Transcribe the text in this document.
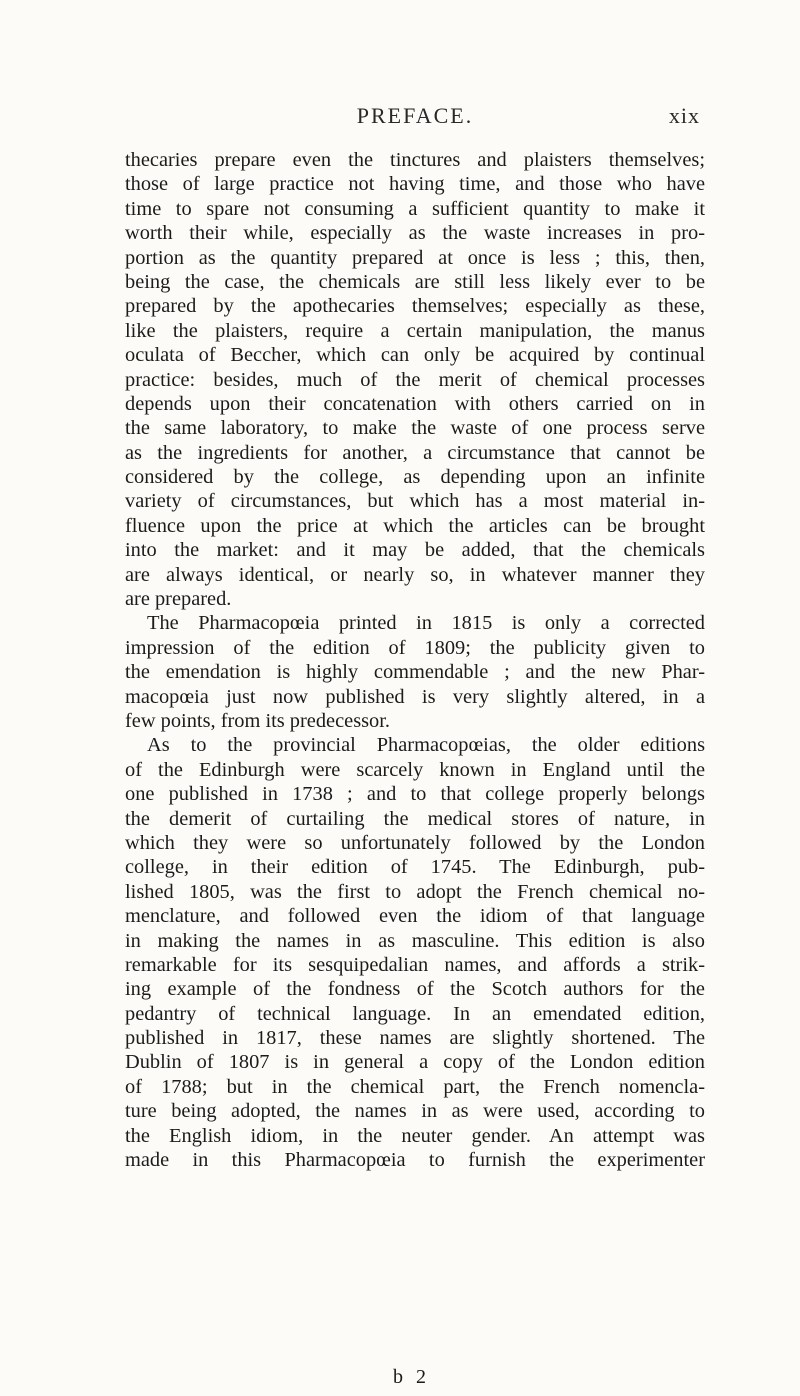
PREFACE.	xix
thecaries prepare even the tinctures and plaisters themselves;
those of large practice not having time, and those who have
time to spare not consuming a sufficient quantity to make it
worth their while, especially as the waste increases in pro-
portion as the quantity prepared at once is less ; this, then,
being the case, the chemicals are still less likely ever to be
prepared by the apothecaries themselves; especially as these,
like the plaisters, require a certain manipulation, the manus
oculata of Beccher, which can only be acquired by continual
practice: besides, much of the merit of chemical processes
depends upon their concatenation with others carried on in
the same laboratory, to make the waste of one process serve
as the ingredients for another, a circumstance that cannot be
considered by the college, as depending upon an infinite
variety of circumstances, but which has a most material in-
fluence upon the price at which the articles can be brought
into the market: and it may be added, that the chemicals
are always identical, or nearly so, in whatever manner they
are prepared.
The Pharmacopœia printed in 1815 is only a corrected
impression of the edition of 1809; the publicity given to
the emendation is highly commendable ; and the new Phar-
macopœia just now published is very slightly altered, in a
few points, from its predecessor.
As to the provincial Pharmacopœias, the older editions
of the Edinburgh were scarcely known in England until the
one published in 1738 ; and to that college properly belongs
the demerit of curtailing the medical stores of nature, in
which they were so unfortunately followed by the London
college, in their edition of 1745. The Edinburgh, pub-
lished 1805, was the first to adopt the French chemical no-
menclature, and followed even the idiom of that language
in making the names in as masculine. This edition is also
remarkable for its sesquipedalian names, and affords a strik-
ing example of the fondness of the Scotch authors for the
pedantry of technical language. In an emendated edition,
published in 1817, these names are slightly shortened. The
Dublin of 1807 is in general a copy of the London edition
of 1788; but in the chemical part, the French nomencla-
ture being adopted, the names in as were used, according to
the English idiom, in the neuter gender. An attempt was
made in this Pharmacopœia to furnish the experimenter
b 2
